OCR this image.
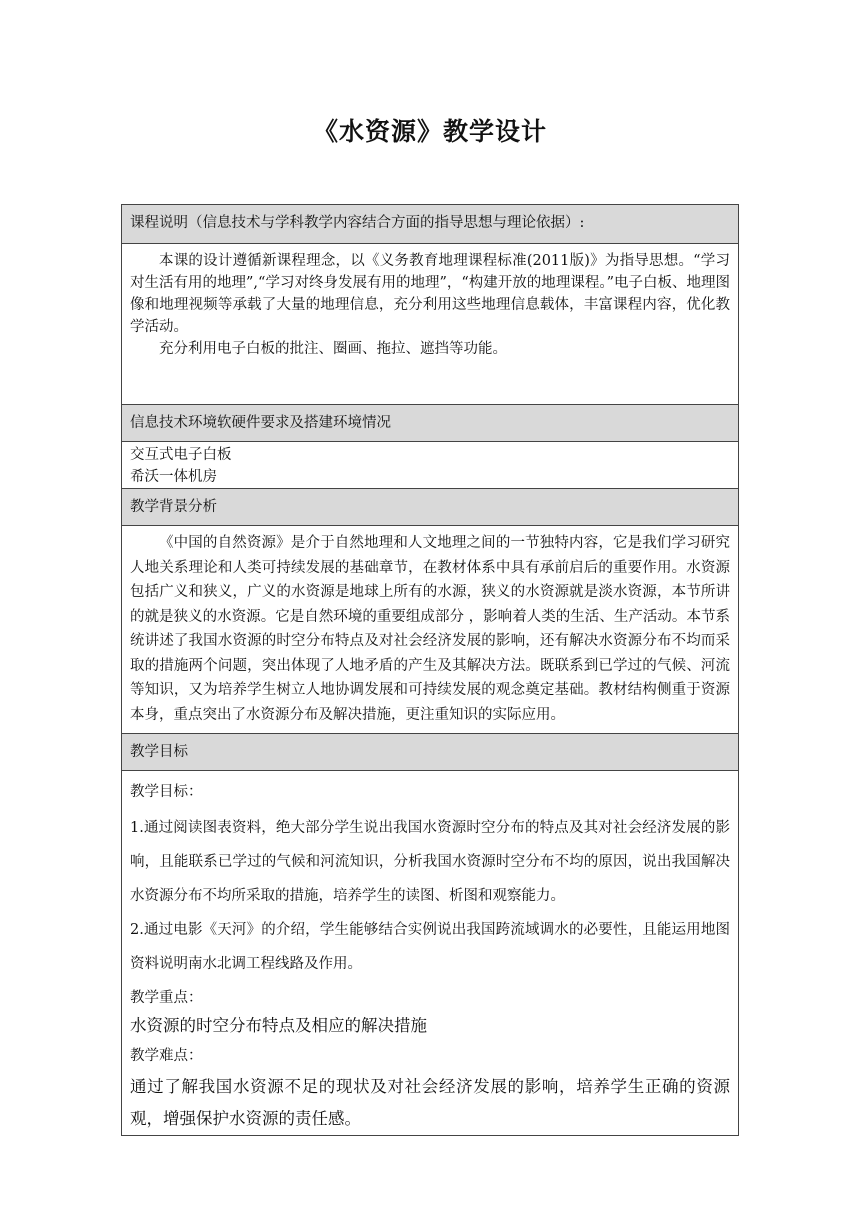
《水资源》教学设计
课程说明（信息技术与学科教学内容结合方面的指导思想与理论依据）:

本课的设计遵循新课程理念，以《义务教育地理课程标准(2011版)》为指导思想。“学习对生活有用的地理”,“学习对终身发展有用的地理”，“构建开放的地理课程。”电子白板、地理图像和地理视频等承载了大量的地理信息，充分利用这些地理信息载体，丰富课程内容，优化教学活动。

充分利用电子白板的批注、圈画、拖拉、遮挡等功能。

信息技术环境软硬件要求及搭建环境情况

交互式电子白板

希沃一体机房

教学背景分析

《中国的自然资源》是介于自然地理和人文地理之间的一节独特内容，它是我们学习研究人地关系理论和人类可持续发展的基础章节，在教材体系中具有承前启后的重要作用。水资源包括广义和狭义，广义的水资源是地球上所有的水源，狭义的水资源就是淡水资源，本节所讲的就是狭义的水资源。它是自然环境的重要组成部分 ，影响着人类的生活、生产活动。本节系统讲述了我国水资源的时空分布特点及对社会经济发展的影响，还有解决水资源分布不均而采取的措施两个问题，突出体现了人地矛盾的产生及其解决方法。既联系到已学过的气候、河流等知识，又为培养学生树立人地协调发展和可持续发展的观念奠定基础。教材结构侧重于资源本身，重点突出了水资源分布及解决措施，更注重知识的实际应用。

教学目标

教学目标：

1.通过阅读图表资料，绝大部分学生说出我国水资源时空分布的特点及其对社会经济发展的影响，且能联系已学过的气候和河流知识，分析我国水资源时空分布不均的原因，说出我国解决水资源分布不均所采取的措施，培养学生的读图、析图和观察能力。

2.通过电影《天河》的介绍，学生能够结合实例说出我国跨流域调水的必要性，且能运用地图资料说明南水北调工程线路及作用。

教学重点：

水资源的时空分布特点及相应的解决措施

教学难点：

通过了解我国水资源不足的现状及对社会经济发展的影响，培养学生正确的资源观，增强保护水资源的责任感。
